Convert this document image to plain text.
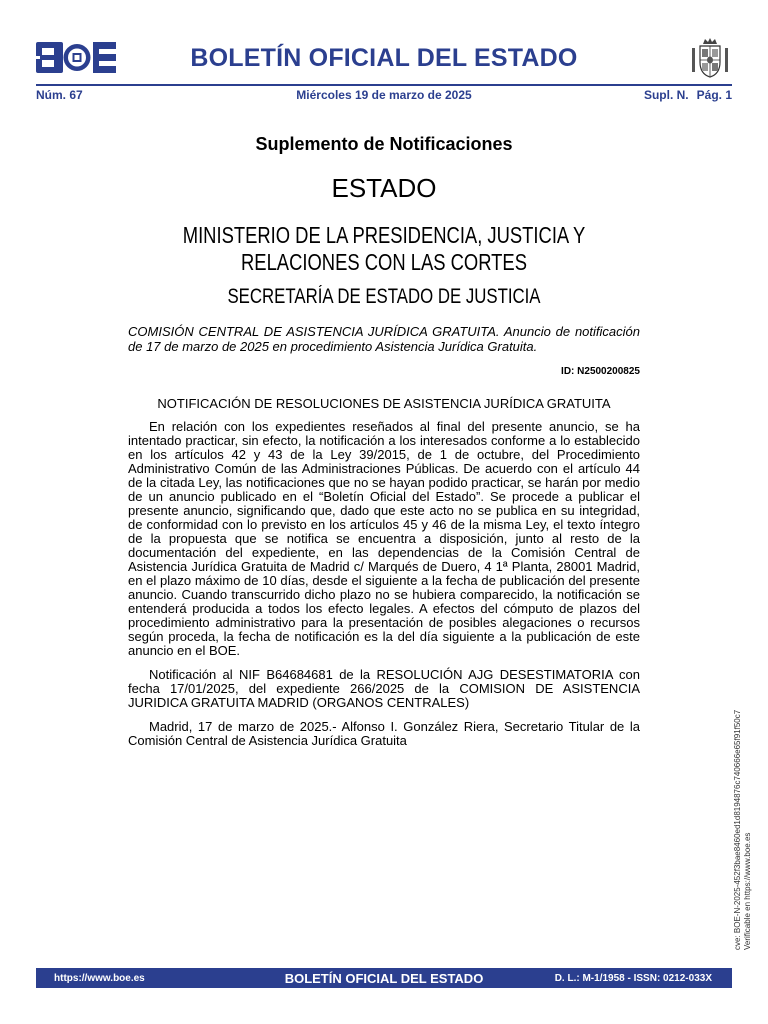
BOLETÍN OFICIAL DEL ESTADO
Núm. 67	Miércoles 19 de marzo de 2025	Supl. N. Pág. 1
Suplemento de Notificaciones
ESTADO
MINISTERIO DE LA PRESIDENCIA, JUSTICIA Y RELACIONES CON LAS CORTES
SECRETARÍA DE ESTADO DE JUSTICIA
COMISIÓN CENTRAL DE ASISTENCIA JURÍDICA GRATUITA. Anuncio de notificación de 17 de marzo de 2025 en procedimiento Asistencia Jurídica Gratuita.
ID: N2500200825
NOTIFICACIÓN DE RESOLUCIONES DE ASISTENCIA JURÍDICA GRATUITA

En relación con los expedientes reseñados al final del presente anuncio, se ha intentado practicar, sin efecto, la notificación a los interesados conforme a lo establecido en los artículos 42 y 43 de la Ley 39/2015, de 1 de octubre, del Procedimiento Administrativo Común de las Administraciones Públicas. De acuerdo con el artículo 44 de la citada Ley, las notificaciones que no se hayan podido practicar, se harán por medio de un anuncio publicado en el “Boletín Oficial del Estado”. Se procede a publicar el presente anuncio, significando que, dado que este acto no se publica en su integridad, de conformidad con lo previsto en los artículos 45 y 46 de la misma Ley, el texto íntegro de la propuesta que se notifica se encuentra a disposición, junto al resto de la documentación del expediente, en las dependencias de la Comisión Central de Asistencia Jurídica Gratuita de Madrid c/ Marqués de Duero, 4 1ª Planta, 28001 Madrid, en el plazo máximo de 10 días, desde el siguiente a la fecha de publicación del presente anuncio. Cuando transcurrido dicho plazo no se hubiera comparecido, la notificación se entenderá producida a todos los efecto legales. A efectos del cómputo de plazos del procedimiento administrativo para la presentación de posibles alegaciones o recursos según proceda, la fecha de notificación es la del día siguiente a la publicación de este anuncio en el BOE.

Notificación al NIF B64684681 de la RESOLUCIÓN AJG DESESTIMATORIA con fecha 17/01/2025, del expediente 266/2025 de la COMISION DE ASISTENCIA JURIDICA GRATUITA MADRID (ORGANOS CENTRALES)

Madrid, 17 de marzo de 2025.- Alfonso I. González Riera, Secretario Titular de la Comisión Central de Asistencia Jurídica Gratuita	cve: BOE-N-2025-452f3bae8460ed1d8194876c740666e65f91f50c7 Verificable en https://www.boe.es
https://www.boe.es	BOLETÍN OFICIAL DEL ESTADO	D. L.: M-1/1958 - ISSN: 0212-033X
